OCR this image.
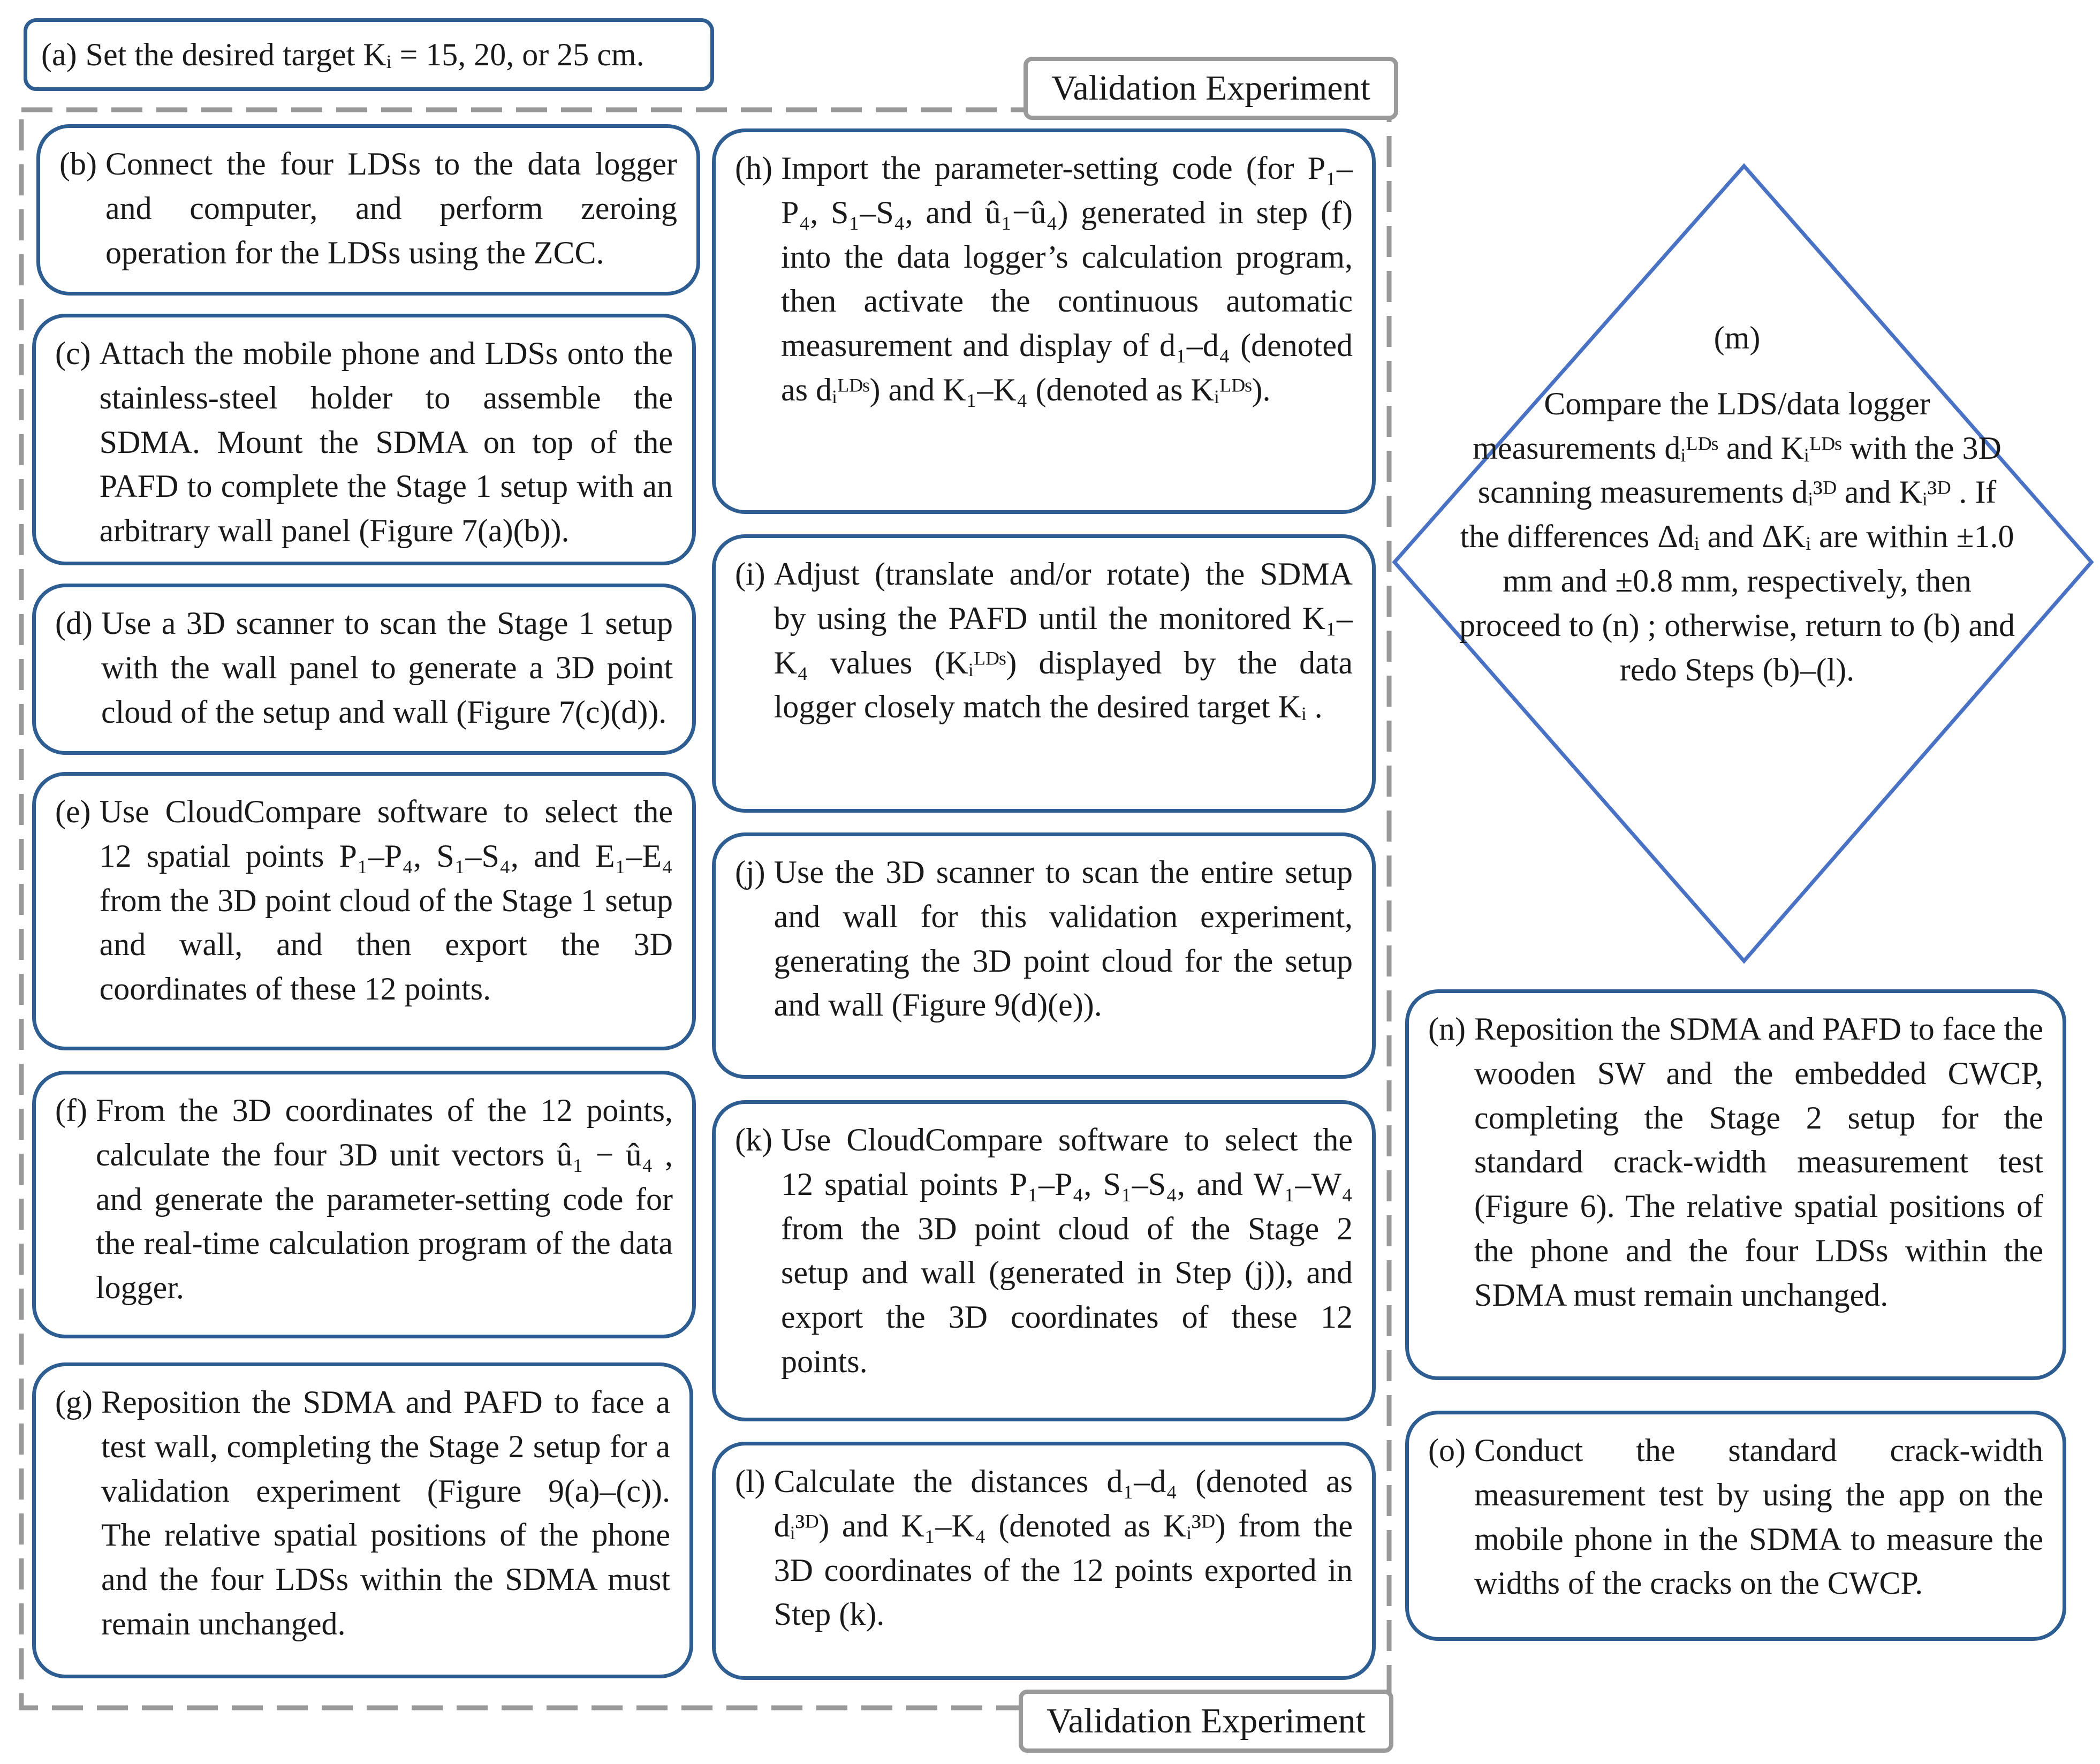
Validation Experiment
Validation Experiment
(a) Set the desired target Kᵢ = 15, 20, or 25 cm.
(b) Connect the four LDSs to the data logger and computer, and perform zeroing operation for the LDSs using the ZCC.
(c) Attach the mobile phone and LDSs onto the stainless-steel holder to assemble the SDMA. Mount the SDMA on top of the PAFD to complete the Stage 1 setup with an arbitrary wall panel (Figure 7(a)(b)).
(d) Use a 3D scanner to scan the Stage 1 setup with the wall panel to generate a 3D point cloud of the setup and wall (Figure 7(c)(d)).
(e) Use CloudCompare software to select the 12 spatial points P₁–P₄, S₁–S₄, and E₁–E₄ from the 3D point cloud of the Stage 1 setup and wall, and then export the 3D coordinates of these 12 points.
(f) From the 3D coordinates of the 12 points, calculate the four 3D unit vectors û₁ − û₄ , and generate the parameter-setting code for the real-time calculation program of the data logger.
(g) Reposition the SDMA and PAFD to face a test wall, completing the Stage 2 setup for a validation experiment (Figure 9(a)–(c)). The relative spatial positions of the phone and the four LDSs within the SDMA must remain unchanged.
(h) Import the parameter-setting code (for P₁–P₄, S₁–S₄, and û₁−û₄) generated in step (f) into the data logger’s calculation program, then activate the continuous automatic measurement and display of d₁–d₄ (denoted as dᵢᴸᴰˢ) and K₁–K₄ (denoted as Kᵢᴸᴰˢ).
(i) Adjust (translate and/or rotate) the SDMA by using the PAFD until the monitored K₁–K₄ values (Kᵢᴸᴰˢ) displayed by the data logger closely match the desired target Kᵢ .
(j) Use the 3D scanner to scan the entire setup and wall for this validation experiment, generating the 3D point cloud for the setup and wall (Figure 9(d)(e)).
(k) Use CloudCompare software to select the 12 spatial points P₁–P₄, S₁–S₄, and W₁–W₄ from the 3D point cloud of the Stage 2 setup and wall (generated in Step (j)), and export the 3D coordinates of these 12 points.
(l) Calculate the distances d₁–d₄ (denoted as dᵢ³ᴰ) and K₁–K₄ (denoted as Kᵢ³ᴰ) from the 3D coordinates of the 12 points exported in Step (k).
(m)
Compare the LDS/data logger measurements dᵢᴸᴰˢ and Kᵢᴸᴰˢ with the 3D scanning measurements dᵢ³ᴰ and Kᵢ³ᴰ . If the differences Δdᵢ and ΔKᵢ are within ±1.0 mm and ±0.8 mm, respectively, then proceed to (n) ; otherwise, return to (b) and redo Steps (b)–(l).
(n) Reposition the SDMA and PAFD to face the wooden SW and the embedded CWCP, completing the Stage 2 setup for the standard crack-width measurement test (Figure 6). The relative spatial positions of the phone and the four LDSs within the SDMA must remain unchanged.
(o) Conduct the standard crack-width measurement test by using the app on the mobile phone in the SDMA to measure the widths of the cracks on the CWCP.
